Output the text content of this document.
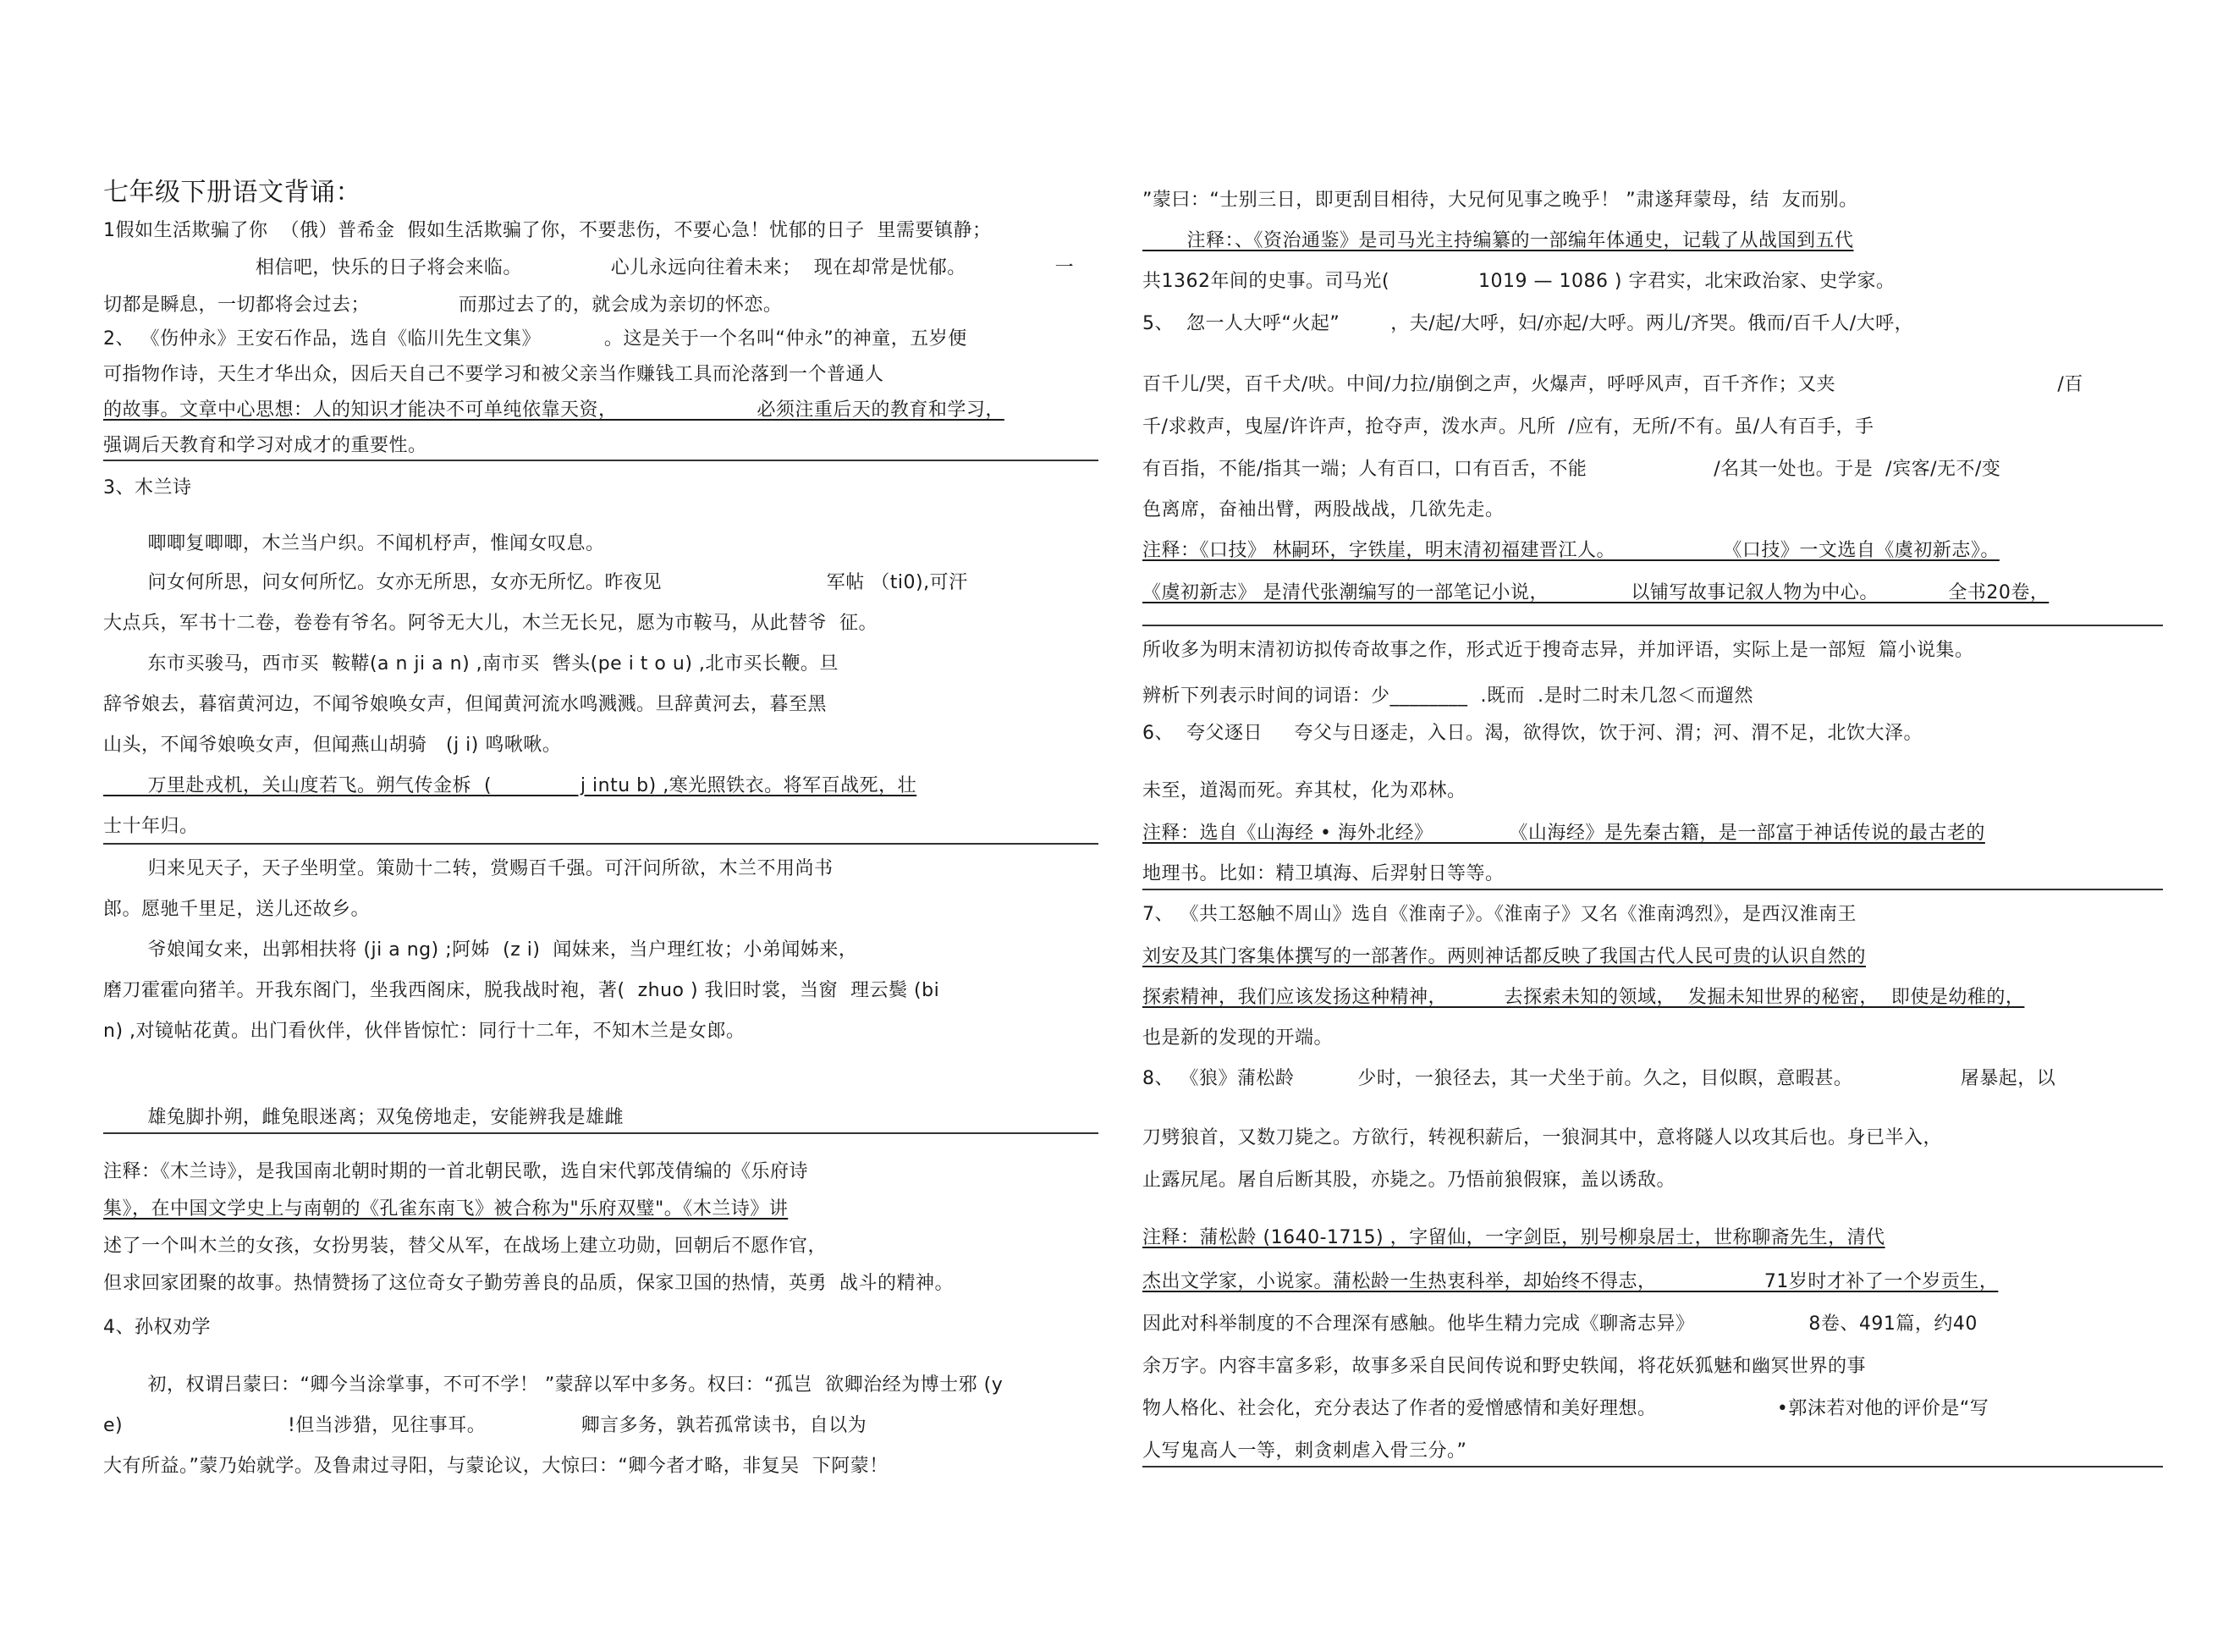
七年级下册语文背诵：
1假如生活欺骗了你  （俄）普希金  假如生活欺骗了你，不要悲伤，不要心急！忧郁的日子  里需要镇静；
相信吧，快乐的日子将会来临。              心儿永远向往着未来；  现在却常是忧郁。              一
切都是瞬息，一切都将会过去；              而那过去了的，就会成为亲切的怀恋。
2、 《伤仲永》王安石作品，选自《临川先生文集》          。这是关于一个名叫“仲永”的神童，五岁便
可指物作诗，天生才华出众，因后天自己不要学习和被父亲当作赚钱工具而沦落到一个普通人
的故事。文章中心思想：人的知识才能决不可单纯依靠天资，                      必须注重后天的教育和学习，
强调后天教育和学习对成才的重要性。
3、木兰诗
唧唧复唧唧，木兰当户织。不闻机杼声，惟闻女叹息。
问女何所思，问女何所忆。女亦无所思，女亦无所忆。昨夜见                          军帖 （ti0),可汗
大点兵，军书十二卷，卷卷有爷名。阿爷无大儿，木兰无长兄，愿为市鞍马，从此替爷  征。
东市买骏马，西市买  鞍鞯(a n ji a n) ,南市买  辔头(pe i t o u) ,北市买长鞭。旦
辞爷娘去，暮宿黄河边，不闻爷娘唤女声，但闻黄河流水鸣溅溅。旦辞黄河去，暮至黑
山头，不闻爷娘唤女声，但闻燕山胡骑   (j i) 鸣啾啾。
万里赴戎机，关山度若飞。朔气传金柝  (              j intu b) ,寒光照铁衣。将军百战死，壮
士十年归。
归来见天子，天子坐明堂。策勋十二转，赏赐百千强。可汗问所欲，木兰不用尚书
郎。愿驰千里足，送儿还故乡。
爷娘闻女来，出郭相扶将 (ji a ng) ;阿姊  (z i)  闻妹来，当户理红妆；小弟闻姊来，
磨刀霍霍向猪羊。开我东阁门，坐我西阁床，脱我战时袍，著(  zhuo ) 我旧时裳，当窗  理云鬓 (bi
n) ,对镜帖花黄。出门看伙伴，伙伴皆惊忙：同行十二年，不知木兰是女郎。
雄兔脚扑朔，雌兔眼迷离；双兔傍地走，安能辨我是雄雌
注释：《木兰诗》，是我国南北朝时期的一首北朝民歌，选自宋代郭茂倩编的《乐府诗
集》，在中国文学史上与南朝的《孔雀东南飞》被合称为"乐府双璧"。《木兰诗》讲
述了一个叫木兰的女孩，女扮男装，替父从军，在战场上建立功勋，回朝后不愿作官，
但求回家团聚的故事。热情赞扬了这位奇女子勤劳善良的品质，保家卫国的热情，英勇  战斗的精神。
4、孙权劝学
初，权谓吕蒙曰：“卿今当涂掌事，不可不学！ ”蒙辞以军中多务。权曰：“孤岂  欲卿治经为博士邪 (y
e)                          !但当涉猎，见往事耳。               卿言多务，孰若孤常读书，自以为
大有所益。”蒙乃始就学。及鲁肃过寻阳，与蒙论议，大惊曰：“卿今者才略，非复吴  下阿蒙！
”蒙曰：“士别三日，即更刮目相待，大兄何见事之晚乎！ ”肃遂拜蒙母，结  友而别。
注释：、《资治通鉴》是司马光主持编纂的一部编年体通史，记载了从战国到五代
共1362年间的史事。司马光(              1019 — 1086 ) 字君实，北宋政治家、史学家。
5、  忽一人大呼“火起”        ，夫/起/大呼，妇/亦起/大呼。两儿/齐哭。俄而/百千人/大呼，
百千儿/哭，百千犬/吠。中间/力拉/崩倒之声，火爆声，呼呼风声，百千齐作；又夹                                   /百
千/求救声，曳屋/许许声，抢夺声，泼水声。凡所  /应有，无所/不有。虽/人有百手，手
有百指，不能/指其一端；人有百口，口有百舌，不能                    /名其一处也。于是  /宾客/无不/变
色离席，奋袖出臂，两股战战，几欲先走。
注释：《口技》 林嗣环，字铁崖，明末清初福建晋江人。                 《口技》一文选自《虞初新志》。
《虞初新志》 是清代张潮编写的一部笔记小说，             以铺写故事记叙人物为中心。           全书20卷，
所收多为明末清初访拟传奇故事之作，形式近于搜奇志异，并加评语，实际上是一部短  篇小说集。
辨析下列表示时间的词语：少________  .既而  .是时二时未几忽＜而遛然
6、  夸父逐日     夸父与日逐走，入日。渴，欲得饮，饮于河、渭；河、渭不足，北饮大泽。
未至，道渴而死。弃其杖，化为邓林。
注释：选自《山海经 • 海外北经》            《山海经》是先秦古籍，是一部富于神话传说的最古老的
地理书。比如：精卫填海、后羿射日等等。
7、 《共工怒触不周山》选自《淮南子》。《淮南子》又名《淮南鸿烈》，是西汉淮南王
刘安及其门客集体撰写的一部著作。两则神话都反映了我国古代人民可贵的认识自然的
探索精神，我们应该发扬这种精神，         去探索未知的领域，  发掘未知世界的秘密，  即使是幼稚的，
也是新的发现的开端。
8、 《狼》蒲松龄          少时，一狼径去，其一犬坐于前。久之，目似瞑，意暇甚。                 屠暴起，以
刀劈狼首，又数刀毙之。方欲行，转视积薪后，一狼洞其中，意将隧人以攻其后也。身已半入，
止露尻尾。屠自后断其股，亦毙之。乃悟前狼假寐，盖以诱敌。
注释：蒲松龄 (1640-1715) ，字留仙，一字剑臣，别号柳泉居士，世称聊斋先生，清代
杰出文学家，小说家。蒲松龄一生热衷科举，却始终不得志，                 71岁时才补了一个岁贡生，
因此对科举制度的不合理深有感触。他毕生精力完成《聊斋志异》                  8卷、491篇，约40
余万字。内容丰富多彩，故事多采自民间传说和野史轶闻，将花妖狐魅和幽冥世界的事
物人格化、社会化，充分表达了作者的爱憎感情和美好理想。                   •郭沫若对他的评价是“写
人写鬼高人一等，刺贪刺虐入骨三分。”
